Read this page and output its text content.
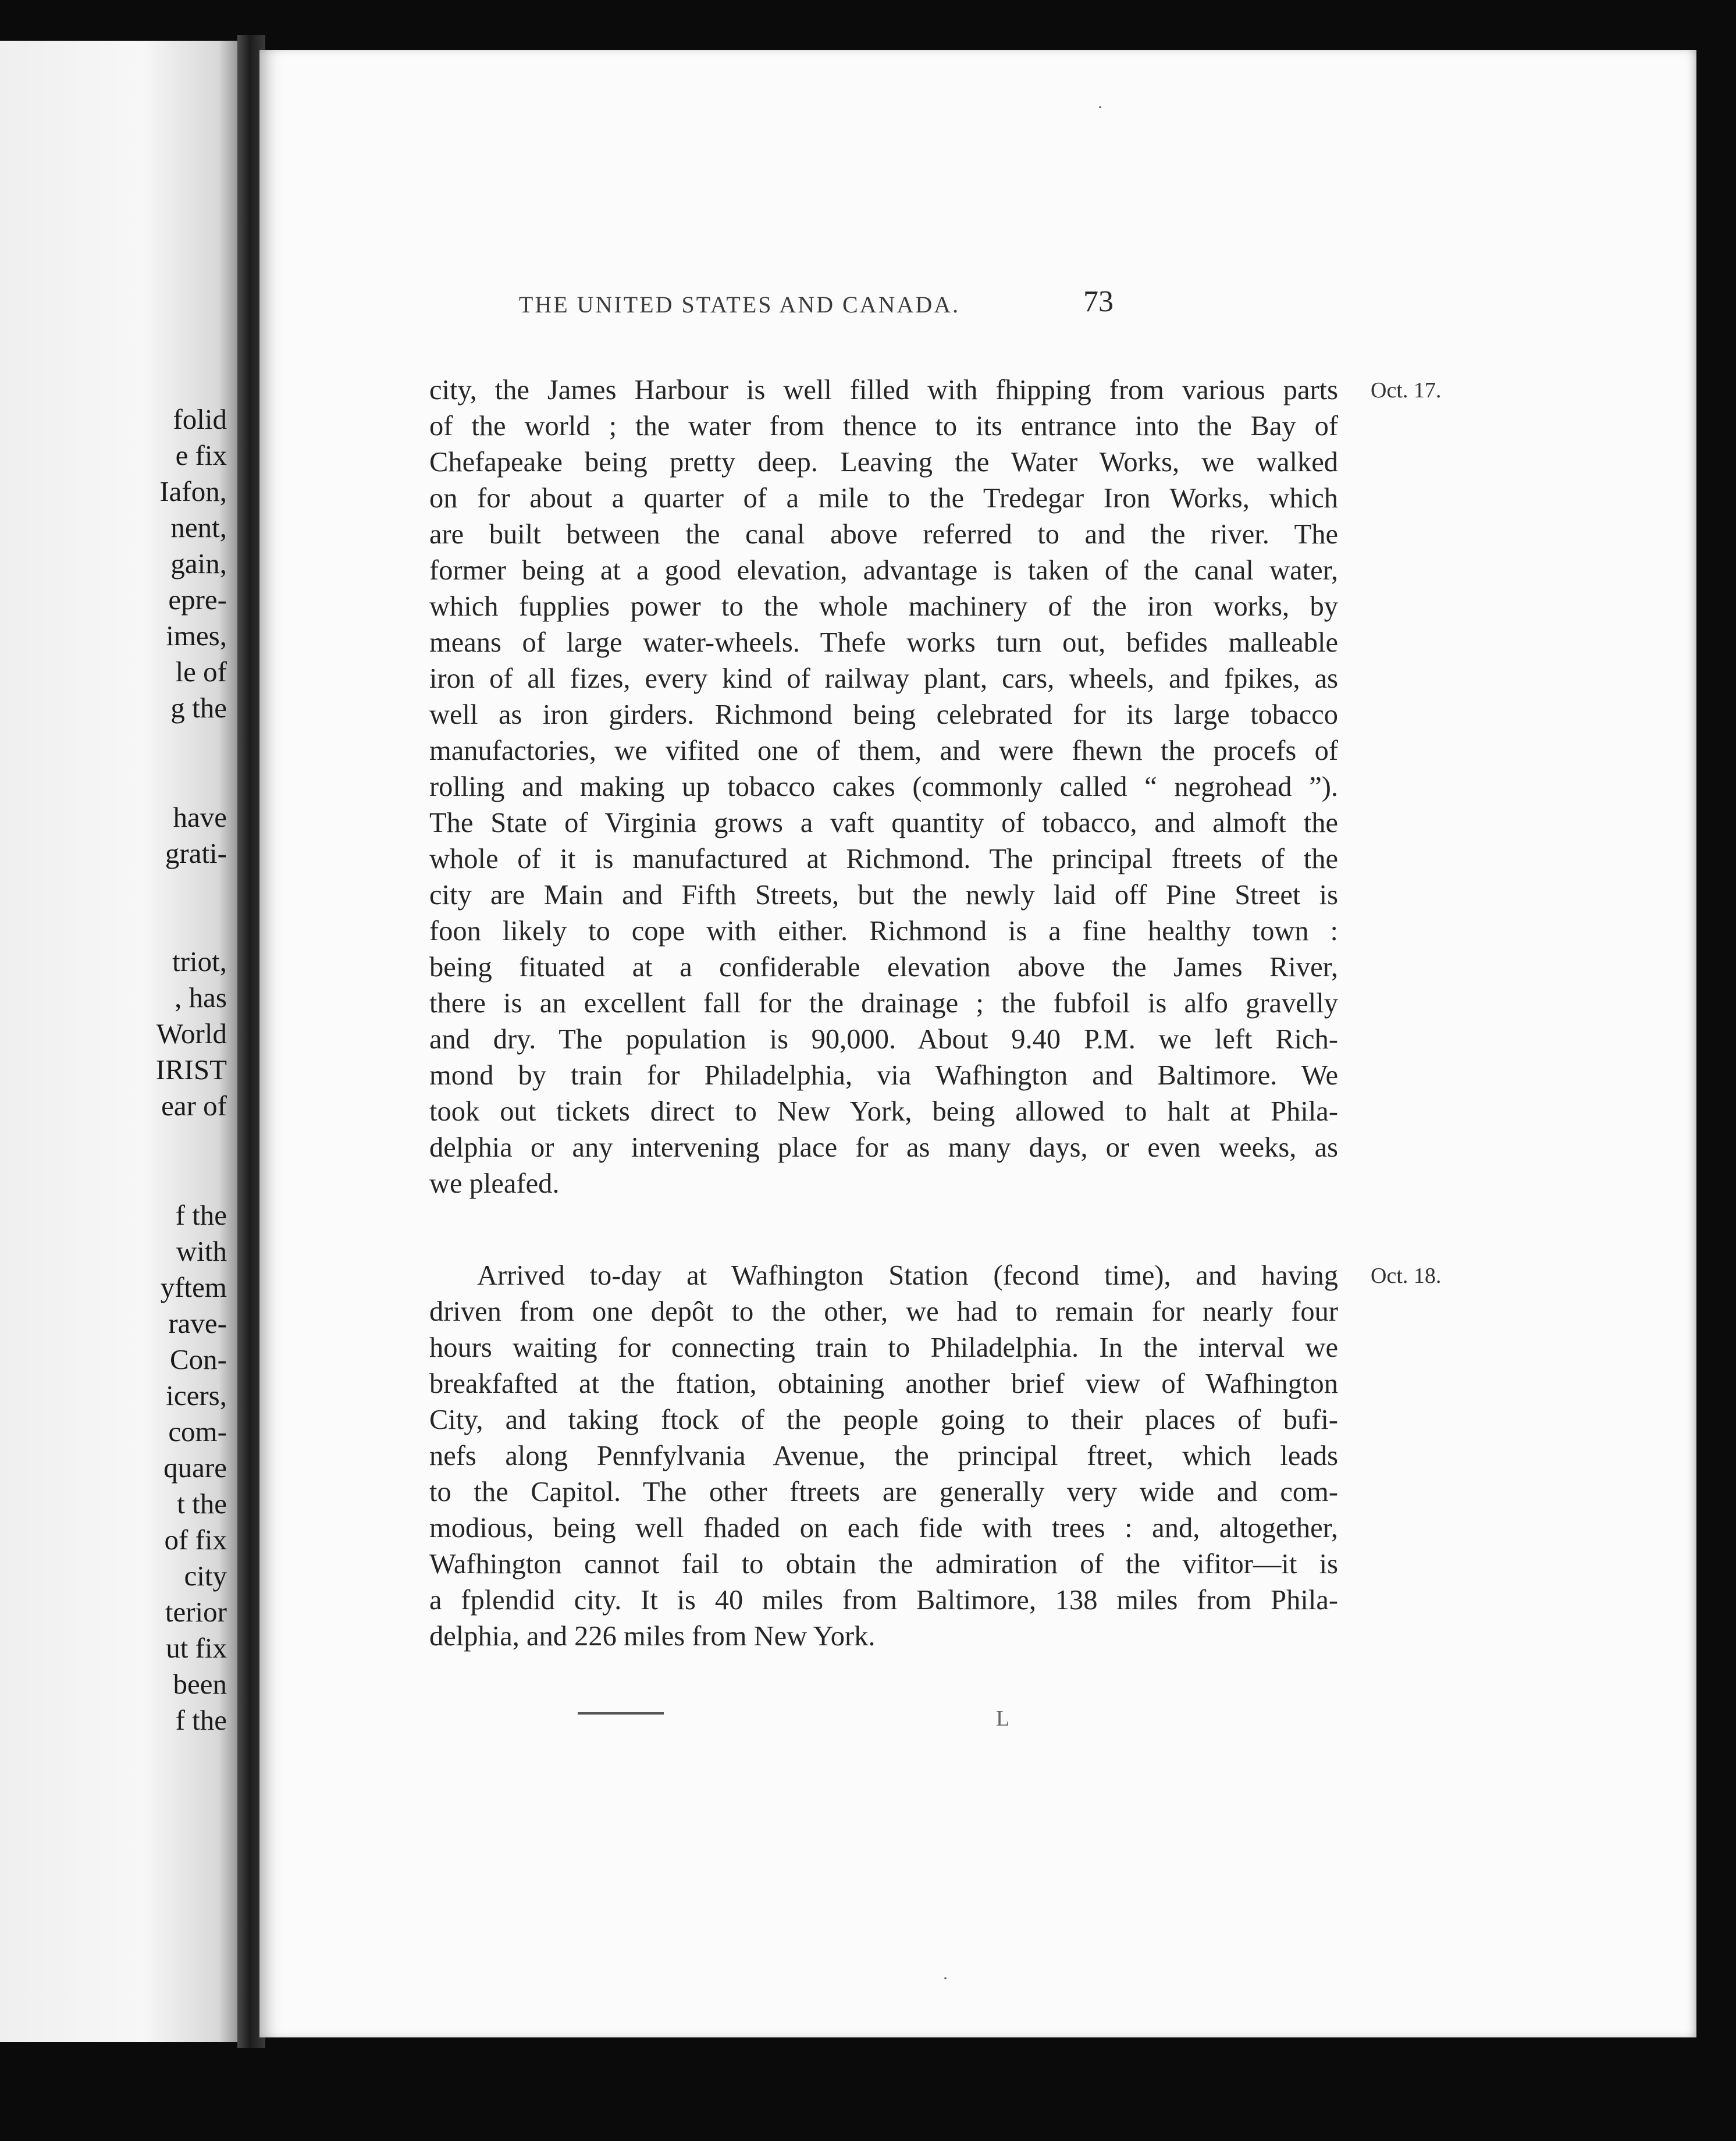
folid
e fix
Iafon,
nent,
gain,
epre-
imes,
le of
g the
have
grati-
triot,
, has
World
IRIST
ear of
f the
with
yftem
rave-
Con-
icers,
com-
quare
t the
of fix
city
terior
ut fix
been
f the
·
·
Oct. 17.
city, the James Harbour is well filled with fhipping from various parts
of the world ; the water from thence to its entrance into the Bay of
Chefapeake being pretty deep. Leaving the Water Works, we walked
on for about a quarter of a mile to the Tredegar Iron Works, which
are built between the canal above referred to and the river. The
former being at a good elevation, advantage is taken of the canal water,
which fupplies power to the whole machinery of the iron works, by
means of large water-wheels. Thefe works turn out, befides malleable
iron of all fizes, every kind of railway plant, cars, wheels, and fpikes, as
well as iron girders. Richmond being celebrated for its large tobacco
manufactories, we vifited one of them, and were fhewn the procefs of
rolling and making up tobacco cakes (commonly called “ negrohead ”).
The State of Virginia grows a vaft quantity of tobacco, and almoft the
whole of it is manufactured at Richmond. The principal ftreets of the
city are Main and Fifth Streets, but the newly laid off Pine Street is
foon likely to cope with either. Richmond is a fine healthy town :
being fituated at a confiderable elevation above the James River,
there is an excellent fall for the drainage ; the fubfoil is alfo gravelly
and dry. The population is 90,000. About 9.40 P.M. we left Rich-
mond by train for Philadelphia, via Wafhington and Baltimore. We
took out tickets direct to New York, being allowed to halt at Phila-
delphia or any intervening place for as many days, or even weeks, as
we pleafed.
Oct. 18.
Arrived to-day at Wafhington Station (fecond time), and having
driven from one depôt to the other, we had to remain for nearly four
hours waiting for connecting train to Philadelphia. In the interval we
breakfafted at the ftation, obtaining another brief view of Wafhington
City, and taking ftock of the people going to their places of bufi-
nefs along Pennfylvania Avenue, the principal ftreet, which leads
to the Capitol. The other ftreets are generally very wide and com-
modious, being well fhaded on each fide with trees : and, altogether,
Wafhington cannot fail to obtain the admiration of the vifitor—it is
a fplendid city. It is 40 miles from Baltimore, 138 miles from Phila-
delphia, and 226 miles from New York.
THE UNITED STATES AND CANADA.	73
L
